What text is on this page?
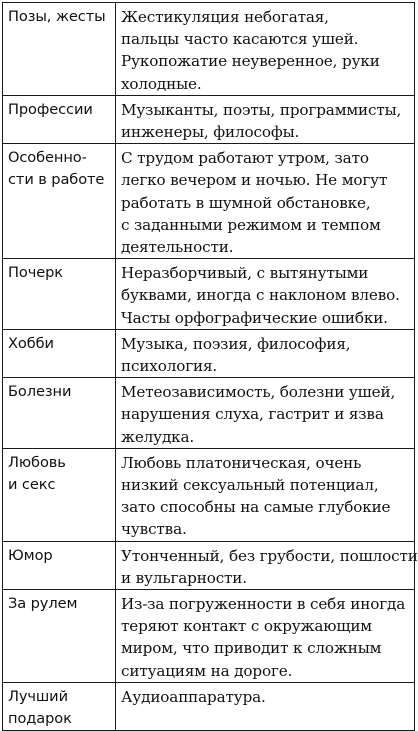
Позы, жесты	Жестикуляция небогатая,
пальцы часто касаются ушей.
Рукопожатие неуверенное, руки
холодные.

Профессии	Музыканты, поэты, программисты,
инженеры, философы.

Особенно-
сти в работе	С трудом работают утром, зато
легко вечером и ночью. Не могут
работать в шумной обстановке,
с заданными режимом и темпом
деятельности.

Почерк	Неразборчивый, с вытянутыми
буквами, иногда с наклоном влево.
Часты орфографические ошибки.

Хобби	Музыка, поэзия, философия,
психология.

Болезни	Метеозависимость, болезни ушей,
нарушения слуха, гастрит и язва
желудка.

Любовь
и секс	Любовь платоническая, очень
низкий сексуальный потенциал,
зато способны на самые глубокие
чувства.

Юмор	Утонченный, без грубости, пошлости
и вульгарности.

За рулем	Из-за погруженности в себя иногда
теряют контакт с окружающим
миром, что приводит к сложным
ситуациям на дороге.

Лучший
подарок	Аудиоаппаратура.
